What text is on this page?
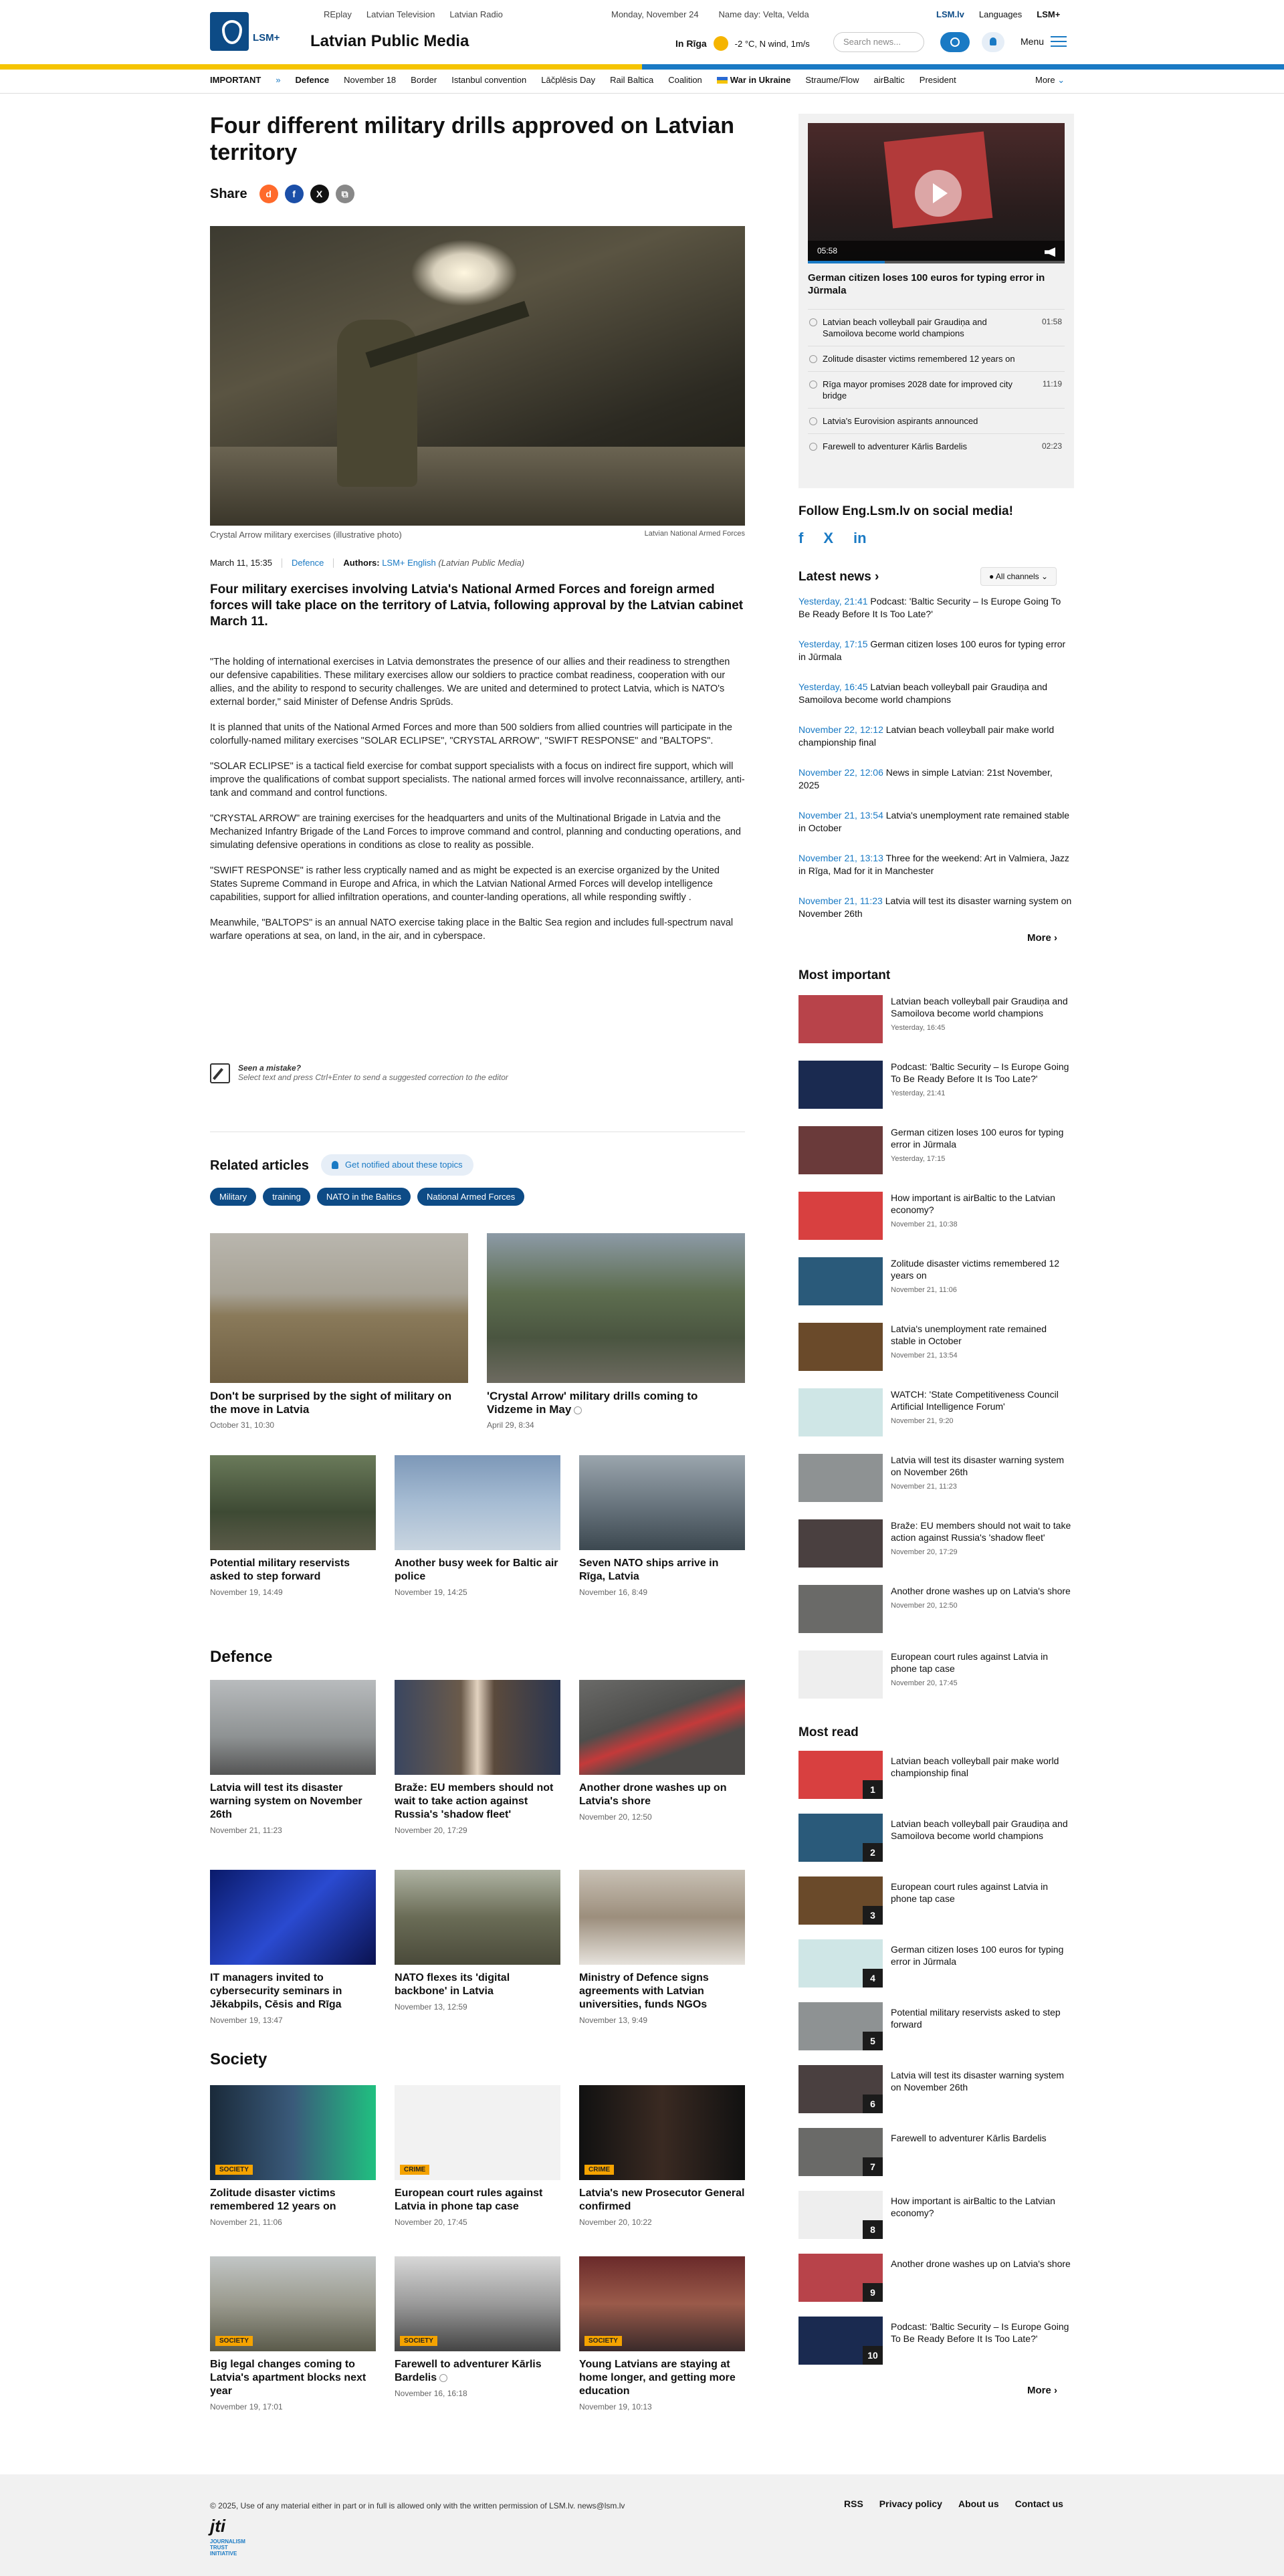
LSM+
REplay Latvian Television Latvian Radio	Monday, November 24 Name day: Velta, Velda	LSM.lv Languages LSM+
Latvian Public Media	In Rīga	-2 °C, N wind, 1m/s	Search news...	Menu
IMPORTANT » Defence November 18 Border Istanbul convention Lāčplēsis Day Rail Baltica Coalition	War in Ukraine Straume/Flow airBaltic President	More ⌄
Four different military drills approved on Latvian territory
Share	d	f	X	⧉
Crystal Arrow military exercises (illustrative photo)	Latvian National Armed Forces
March 11, 15:35 Defence Authors: LSM+ English (Latvian Public Media)

Four military exercises involving Latvia's National Armed Forces and foreign armed forces will take place on the territory of Latvia, following approval by the Latvian cabinet March 11.

"The holding of international exercises in Latvia demonstrates the presence of our allies and their readiness to strengthen our defensive capabilities. These military exercises allow our soldiers to practice combat readiness, cooperation with our allies, and the ability to respond to security challenges. We are united and determined to protect Latvia, which is NATO's external border," said Minister of Defense Andris Sprūds.

It is planned that units of the National Armed Forces and more than 500 soldiers from allied countries will participate in the colorfully-named military exercises "SOLAR ECLIPSE", "CRYSTAL ARROW", "SWIFT RESPONSE" and "BALTOPS".

"SOLAR ECLIPSE" is a tactical field exercise for combat support specialists with a focus on indirect fire support, which will improve the qualifications of combat support specialists. The national armed forces will involve reconnaissance, artillery, anti-tank and command and control functions.

"CRYSTAL ARROW" are training exercises for the headquarters and units of the Multinational Brigade in Latvia and the Mechanized Infantry Brigade of the Land Forces to improve command and control, planning and conducting operations, and simulating defensive operations in conditions as close to reality as possible.

"SWIFT RESPONSE" is rather less cryptically named and as might be expected is an exercise organized by the United States Supreme Command in Europe and Africa, in which the Latvian National Armed Forces will develop intelligence capabilities, support for allied infiltration operations, and counter-landing operations, all while responding swiftly .

Meanwhile, "BALTOPS" is an annual NATO exercise taking place in the Baltic Sea region and includes full-spectrum naval warfare operations at sea, on land, in the air, and in cyberspace.

Seen a mistake?
Select text and press Ctrl+Enter to send a suggested correction to the editor
Related articles	Get notified about these topics
Military	training	NATO in the Baltics	National Armed Forces
Don't be surprised by the sight of military on the move in Latvia
October 31, 10:30
'Crystal Arrow' military drills coming to Vidzeme in May
April 29, 8:34
Potential military reservists asked to step forward
November 19, 14:49
Another busy week for Baltic air police
November 19, 14:25
Seven NATO ships arrive in Rīga, Latvia
November 16, 8:49
Defence
Latvia will test its disaster warning system on November 26th
November 21, 11:23
Braže: EU members should not wait to take action against Russia's 'shadow fleet'
November 20, 17:29
Another drone washes up on Latvia's shore
November 20, 12:50
IT managers invited to cybersecurity seminars in Jēkabpils, Cēsis and Rīga
November 19, 13:47
NATO flexes its 'digital backbone' in Latvia
November 13, 12:59
Ministry of Defence signs agreements with Latvian universities, funds NGOs
November 13, 9:49
Society
SOCIETY
Zolitude disaster victims remembered 12 years on
November 21, 11:06
CRIME
European court rules against Latvia in phone tap case
November 20, 17:45
CRIME
Latvia's new Prosecutor General confirmed
November 20, 10:22
SOCIETY
Big legal changes coming to Latvia's apartment blocks next year
November 19, 17:01
SOCIETY
Farewell to adventurer Kārlis Bardelis
November 16, 16:18
SOCIETY
Young Latvians are staying at home longer, and getting more education
November 19, 10:13
05:58
German citizen loses 100 euros for typing error in Jūrmala
Latvian beach volleyball pair Graudiņa and Samoilova become world champions
01:58
Zolitude disaster victims remembered 12 years on
Rīga mayor promises 2028 date for improved city bridge
11:19
Latvia's Eurovision aspirants announced
Farewell to adventurer Kārlis Bardelis	02:23
Follow Eng.Lsm.lv on social media!
f X in
Latest news ›	● All channels ⌄
Yesterday, 21:41 Podcast: 'Baltic Security – Is Europe Going To Be Ready Before It Is Too Late?'
Yesterday, 17:15 German citizen loses 100 euros for typing error in Jūrmala
Yesterday, 16:45 Latvian beach volleyball pair Graudiņa and Samoilova become world champions
November 22, 12:12 Latvian beach volleyball pair make world championship final
November 22, 12:06 News in simple Latvian: 21st November, 2025
November 21, 13:54 Latvia's unemployment rate remained stable in October
November 21, 13:13 Three for the weekend: Art in Valmiera, Jazz in Rīga, Mad for it in Manchester
November 21, 11:23 Latvia will test its disaster warning system on November 26th
More ›
Most important
Latvian beach volleyball pair Graudiņa and Samoilova become world champions
Yesterday, 16:45
Podcast: 'Baltic Security – Is Europe Going To Be Ready Before It Is Too Late?'
Yesterday, 21:41
German citizen loses 100 euros for typing error in Jūrmala
Yesterday, 17:15
How important is airBaltic to the Latvian economy?
November 21, 10:38
Zolitude disaster victims remembered 12 years on
November 21, 11:06
Latvia's unemployment rate remained stable in October
November 21, 13:54
WATCH: 'State Competitiveness Council Artificial Intelligence Forum'
November 21, 9:20
Latvia will test its disaster warning system on November 26th
November 21, 11:23
Braže: EU members should not wait to take action against Russia's 'shadow fleet'
November 20, 17:29
Another drone washes up on Latvia's shore
November 20, 12:50
European court rules against Latvia in phone tap case
November 20, 17:45
Most read
1
Latvian beach volleyball pair make world championship final
2
Latvian beach volleyball pair Graudiņa and Samoilova become world champions
3
European court rules against Latvia in phone tap case
4
German citizen loses 100 euros for typing error in Jūrmala
5
Potential military reservists asked to step forward
6
Latvia will test its disaster warning system on November 26th
7
Farewell to adventurer Kārlis Bardelis
8
How important is airBaltic to the Latvian economy?
9
Another drone washes up on Latvia's shore
10
Podcast: 'Baltic Security – Is Europe Going To Be Ready Before It Is Too Late?'
More ›
© 2025, Use of any material either in part or in full is allowed only with the written permission of LSM.lv. news@lsm.lv	RSS Privacy policy About us Contact us
jti
JOURNALISM TRUST INITIATIVE
